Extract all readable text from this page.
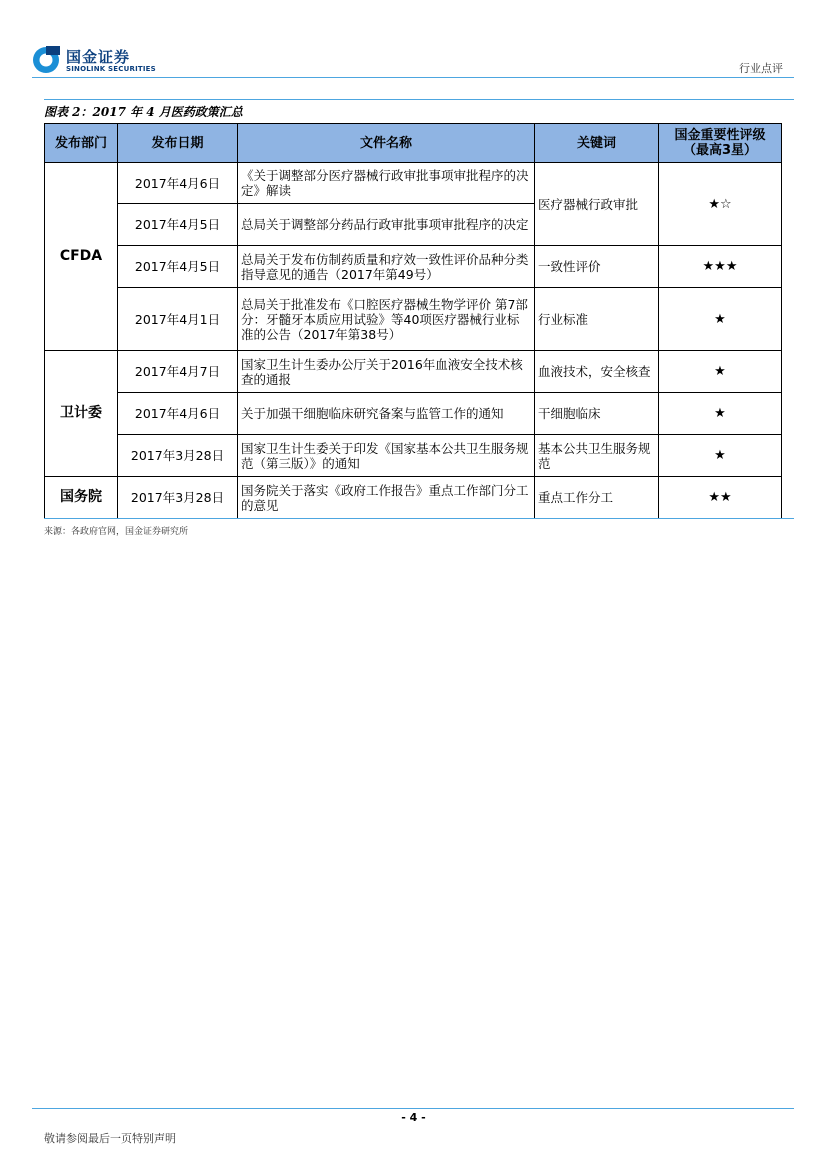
国金证券
SINOLINK SECURITIES	行业点评
图表 2：2017 年 4 月医药政策汇总
发布部门	发布日期	文件名称	关键词	国金重要性评级（最高3星）
CFDA	2017年4月6日	《关于调整部分医疗器械行政审批事项审批程序的决定》解读	医疗器械行政审批	★☆
	2017年4月5日	总局关于调整部分药品行政审批事项审批程序的决定		
	2017年4月5日	总局关于发布仿制药质量和疗效一致性评价品种分类指导意见的通告（2017年第49号）	一致性评价	★★★
	2017年4月1日	总局关于批准发布《口腔医疗器械生物学评价 第7部分：牙髓牙本质应用试验》等40项医疗器械行业标准的公告（2017年第38号）	行业标准	★
卫计委	2017年4月7日	国家卫生计生委办公厅关于2016年血液安全技术核查的通报	血液技术，安全核查	★
	2017年4月6日	关于加强干细胞临床研究备案与监管工作的通知	干细胞临床	★
	2017年3月28日	国家卫生计生委关于印发《国家基本公共卫生服务规范（第三版）》的通知	基本公共卫生服务规范	★
国务院	2017年3月28日	国务院关于落实《政府工作报告》重点工作部门分工的意见	重点工作分工	★★
来源：各政府官网，国金证券研究所
- 4 -
敬请参阅最后一页特别声明
